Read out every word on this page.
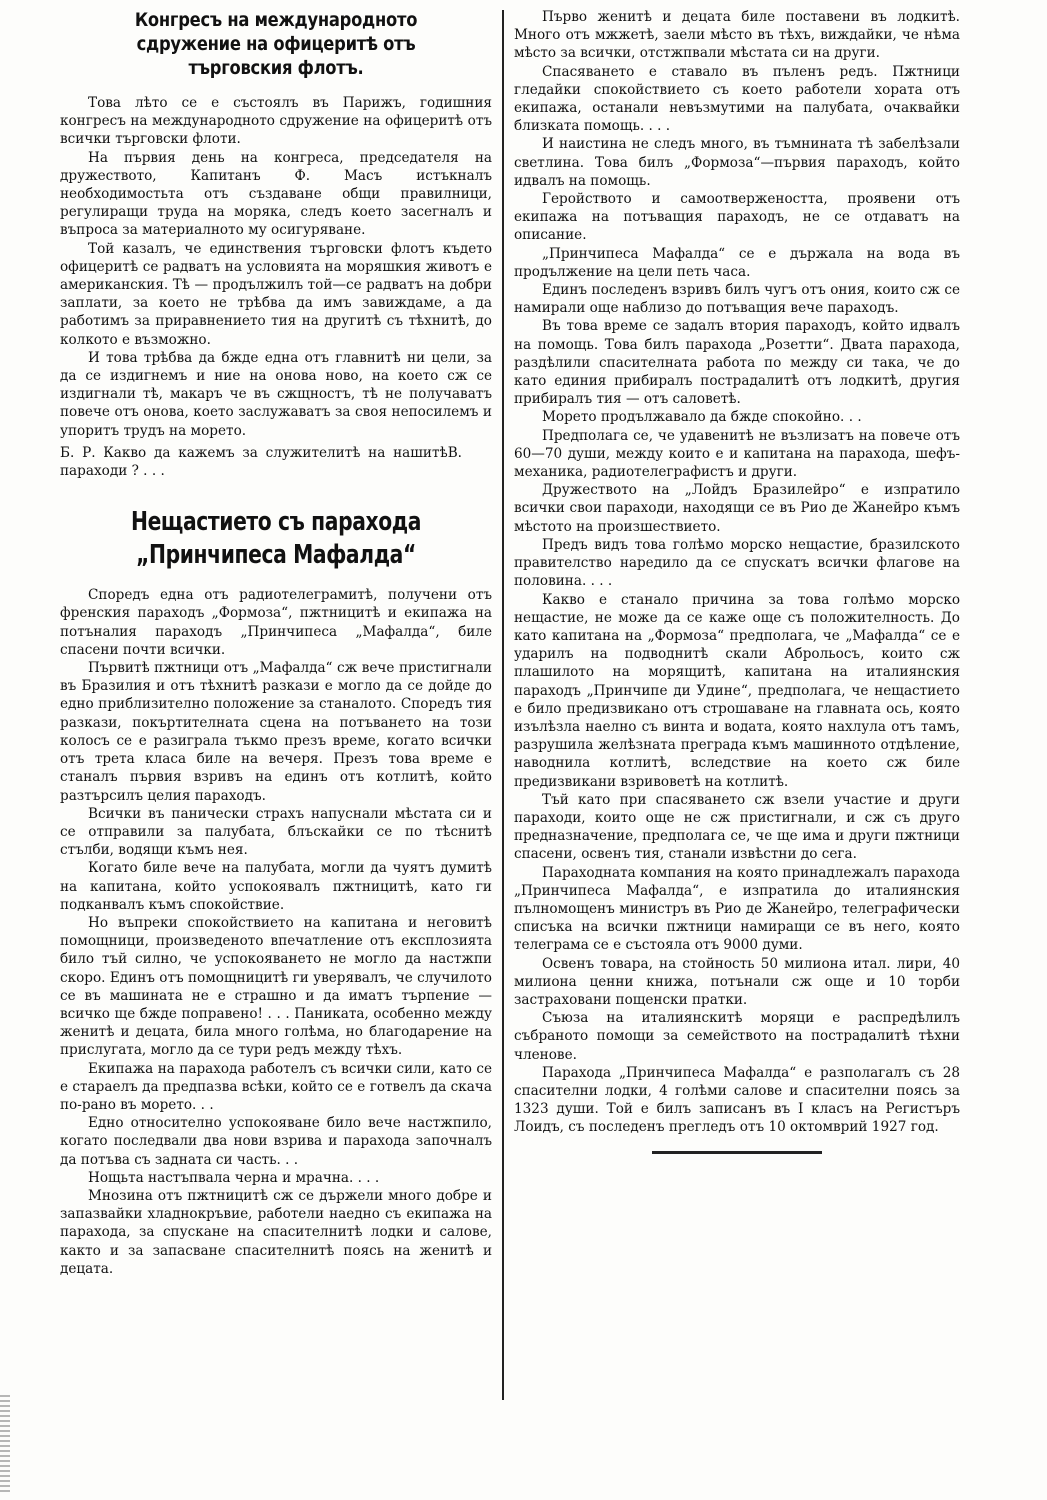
Конгресъ на международното сдружение на офицеритѣ отъ търговския флотъ.

Това лѣто се е състоялъ въ Парижъ, годишния конгресъ на международното сдружение на офицеритѣ отъ всички търговски флоти.

На първия день на конгреса, председателя на дружеството, Капитанъ Ф. Масъ истъкналъ необходимостьта отъ създаване общи правилници, регулиращи труда на моряка, следъ което засегналъ и въпроса за материалното му осигуряване.

Той казалъ, че единствения търговски флотъ където офицеритѣ се радватъ на условията на моряшкия животъ е американския. Тѣ — продължилъ той—се радватъ на добри заплати, за което не трѣбва да имъ завиждаме, а да работимъ за приравнението тия на другитѣ съ тѣхнитѣ, до колкото е възможно.

И това трѣбва да бжде една отъ главнитѣ ни цели, за да се издигнемъ и ние на онова ново, на което сж се издигнали тѣ, макаръ че въ сжщностъ, тѣ не получаватъ повече отъ онова, което заслужаватъ за своя непосилемъ и упоритъ трудъ на морето.

Б. Р. Какво да кажемъ за служителитѣ на нашитѣ параходи ? . . .
В.
Нещастието съ парахода „Принчипеса Мафалда“

Споредъ една отъ радиотелеграмитѣ, получени отъ френския параходъ „Формоза“, пжтницитѣ и екипажа на потъналия параходъ „Принчипеса „Мафалда“, биле спасени почти всички.

Първитѣ пжтници отъ „Мафалда“ сж вече пристигнали въ Бразилия и отъ тѣхнитѣ разкази е могло да се дойде до едно приблизително положение за станалото. Споредъ тия разкази, покъртителната сцена на потъването на този колосъ се е разиграла тъкмо презъ време, когато всички отъ трета класа биле на вечеря. Презъ това време е станалъ първия взривъ на единъ отъ котлитѣ, който разтърсилъ целия параходъ.

Всички въ панически страхъ напуснали мѣстата си и се отправили за палубата, блъскайки се по тѣснитѣ стълби, водящи къмъ нея.

Когато биле вече на палубата, могли да чуятъ думитѣ на капитана, който успокоявалъ пжтницитѣ, като ги подканвалъ къмъ спокойствие.

Но въпреки спокойствието на капитана и неговитѣ помощници, произведеното впечатление отъ експлозията било тъй силно, че успокояването не могло да настжпи скоро. Единъ отъ помощницитѣ ги уверявалъ, че случилото се въ машината не е страшно и да иматъ търпение — всичко ще бжде поправено! . . . Паниката, особенно между женитѣ и децата, била много голѣма, но благодарение на прислугата, могло да се тури редъ между тѣхъ.

Екипажа на парахода работелъ съ всички сили, като се е старaелъ да предпазва всѣки, който се е готвелъ да скача по-рано въ морето. . .

Едно относително успокояване било вече настжпило, когато последвали два нови взрива и парахода започналъ да потъва съ задната си часть. . .

Нощьта настъпвала черна и мрачна. . . .

Мнозина отъ пжтницитѣ сж се държели много добре и запазвайки хладнокръвие, работели наедно съ екипажа на парахода, за спускане на спасителнитѣ лодки и салове, както и за запасване спасителнитѣ поясь на женитѣ и децата.

Първо женитѣ и децата биле поставени въ лодкитѣ. Много отъ мжжетѣ, заели мѣсто въ тѣхъ, виждайки, че нѣма мѣсто за всички, отстжпвали мѣстата си на други.

Спасяването е ставало въ пъленъ редъ. Пжтници гледайки спокойствието съ което работели хората отъ екипажа, останали невъзмутими на палубата, очаквайки близката помощь. . . .

И наистина не следъ много, въ тъмнината тѣ забелѣзали светлина. Това билъ „Формоза“—първия параходъ, който идвалъ на помощь.

Геройството и самоотвержеността, проявени отъ екипажа на потъващия параходъ, не се отдаватъ на описание.

„Принчипеса Мафалда“ се е държала на вода въ продължение на цели петь часа.

Единъ последенъ взривъ билъ чугъ отъ ония, които сж се намирали още наблизо до потъващия вече параходъ.

Въ това време се задалъ втория параходъ, който идвалъ на помощь. Това билъ парахода „Розетти“. Двата парахода, раздѣлили спасителната работа по между си така, че до като единия прибиралъ пострадалитѣ отъ лодкитѣ, другия прибиралъ тия — отъ саловетѣ.

Морето продължавало да бжде спокойно. . .

Предполага се, че удавенитѣ не възлизатъ на повече отъ 60—70 души, между които е и капитана на парахода, шефъ-механика, радиотелеграфистъ и други.

Дружеството на „Лойдъ Бразилейро“ е изпратило всички свои параходи, находящи се въ Рио де Жанейро къмъ мѣстото на произшествието.

Предъ видъ това голѣмо морско нещастие, бразилското правителство наредило да се спускатъ всички флагове на половина. . . .

Какво е станало причина за това голѣмо морско нещастие, не може да се каже още съ положителность. До като капитана на „Формоза“ предполага, че „Мафалда“ се е ударилъ на подводнитѣ скали Аброльосъ, които сж плашилото на морящитѣ, капитана на италиянския параходъ „Принчипе ди Удине“, предполага, че нещастието е било предизвикано отъ строшаване на главната ось, която изълѣзла наелно съ винта и водата, която нахлула отъ тамъ, разрушила желѣзната преграда къмъ машинното отдѣление, наводнила котлитѣ, вследствие на което сж биле предизвикани взривоветѣ на котлитѣ.

Тъй като при спасяването сж взели участие и други параходи, които още не сж пристигнали, и сж съ друго предназначение, предполага се, че ще има и други пжтници спасени, освенъ тия, станали извѣстни до сега.

Параходната компания на която принадлежалъ парахода „Принчипеса Мафалда“, е изпратила до италиянския пълномощенъ министръ въ Рио де Жанейро, телеграфически списъка на всички пжтници намиращи се въ него, която телеграма се е състояла отъ 9000 думи.

Освенъ товара, на стойность 50 милиона итал. лири, 40 милиона ценни книжа, потънали сж още и 10 торби застраховани пощенски пратки.

Съюза на италиянскитѣ моряци е распредѣлилъ събраното помощи за семейството на пострадалитѣ тѣхни членове.

Парахода „Принчипеса Мафалда“ е разполагалъ съ 28 спасителни лодки, 4 голѣми салове и спасителни поясь за 1323 души. Той е билъ записанъ въ I класъ на Регистъръ Лоидъ, съ последенъ прегледъ отъ 10 октомврий 1927 год.
